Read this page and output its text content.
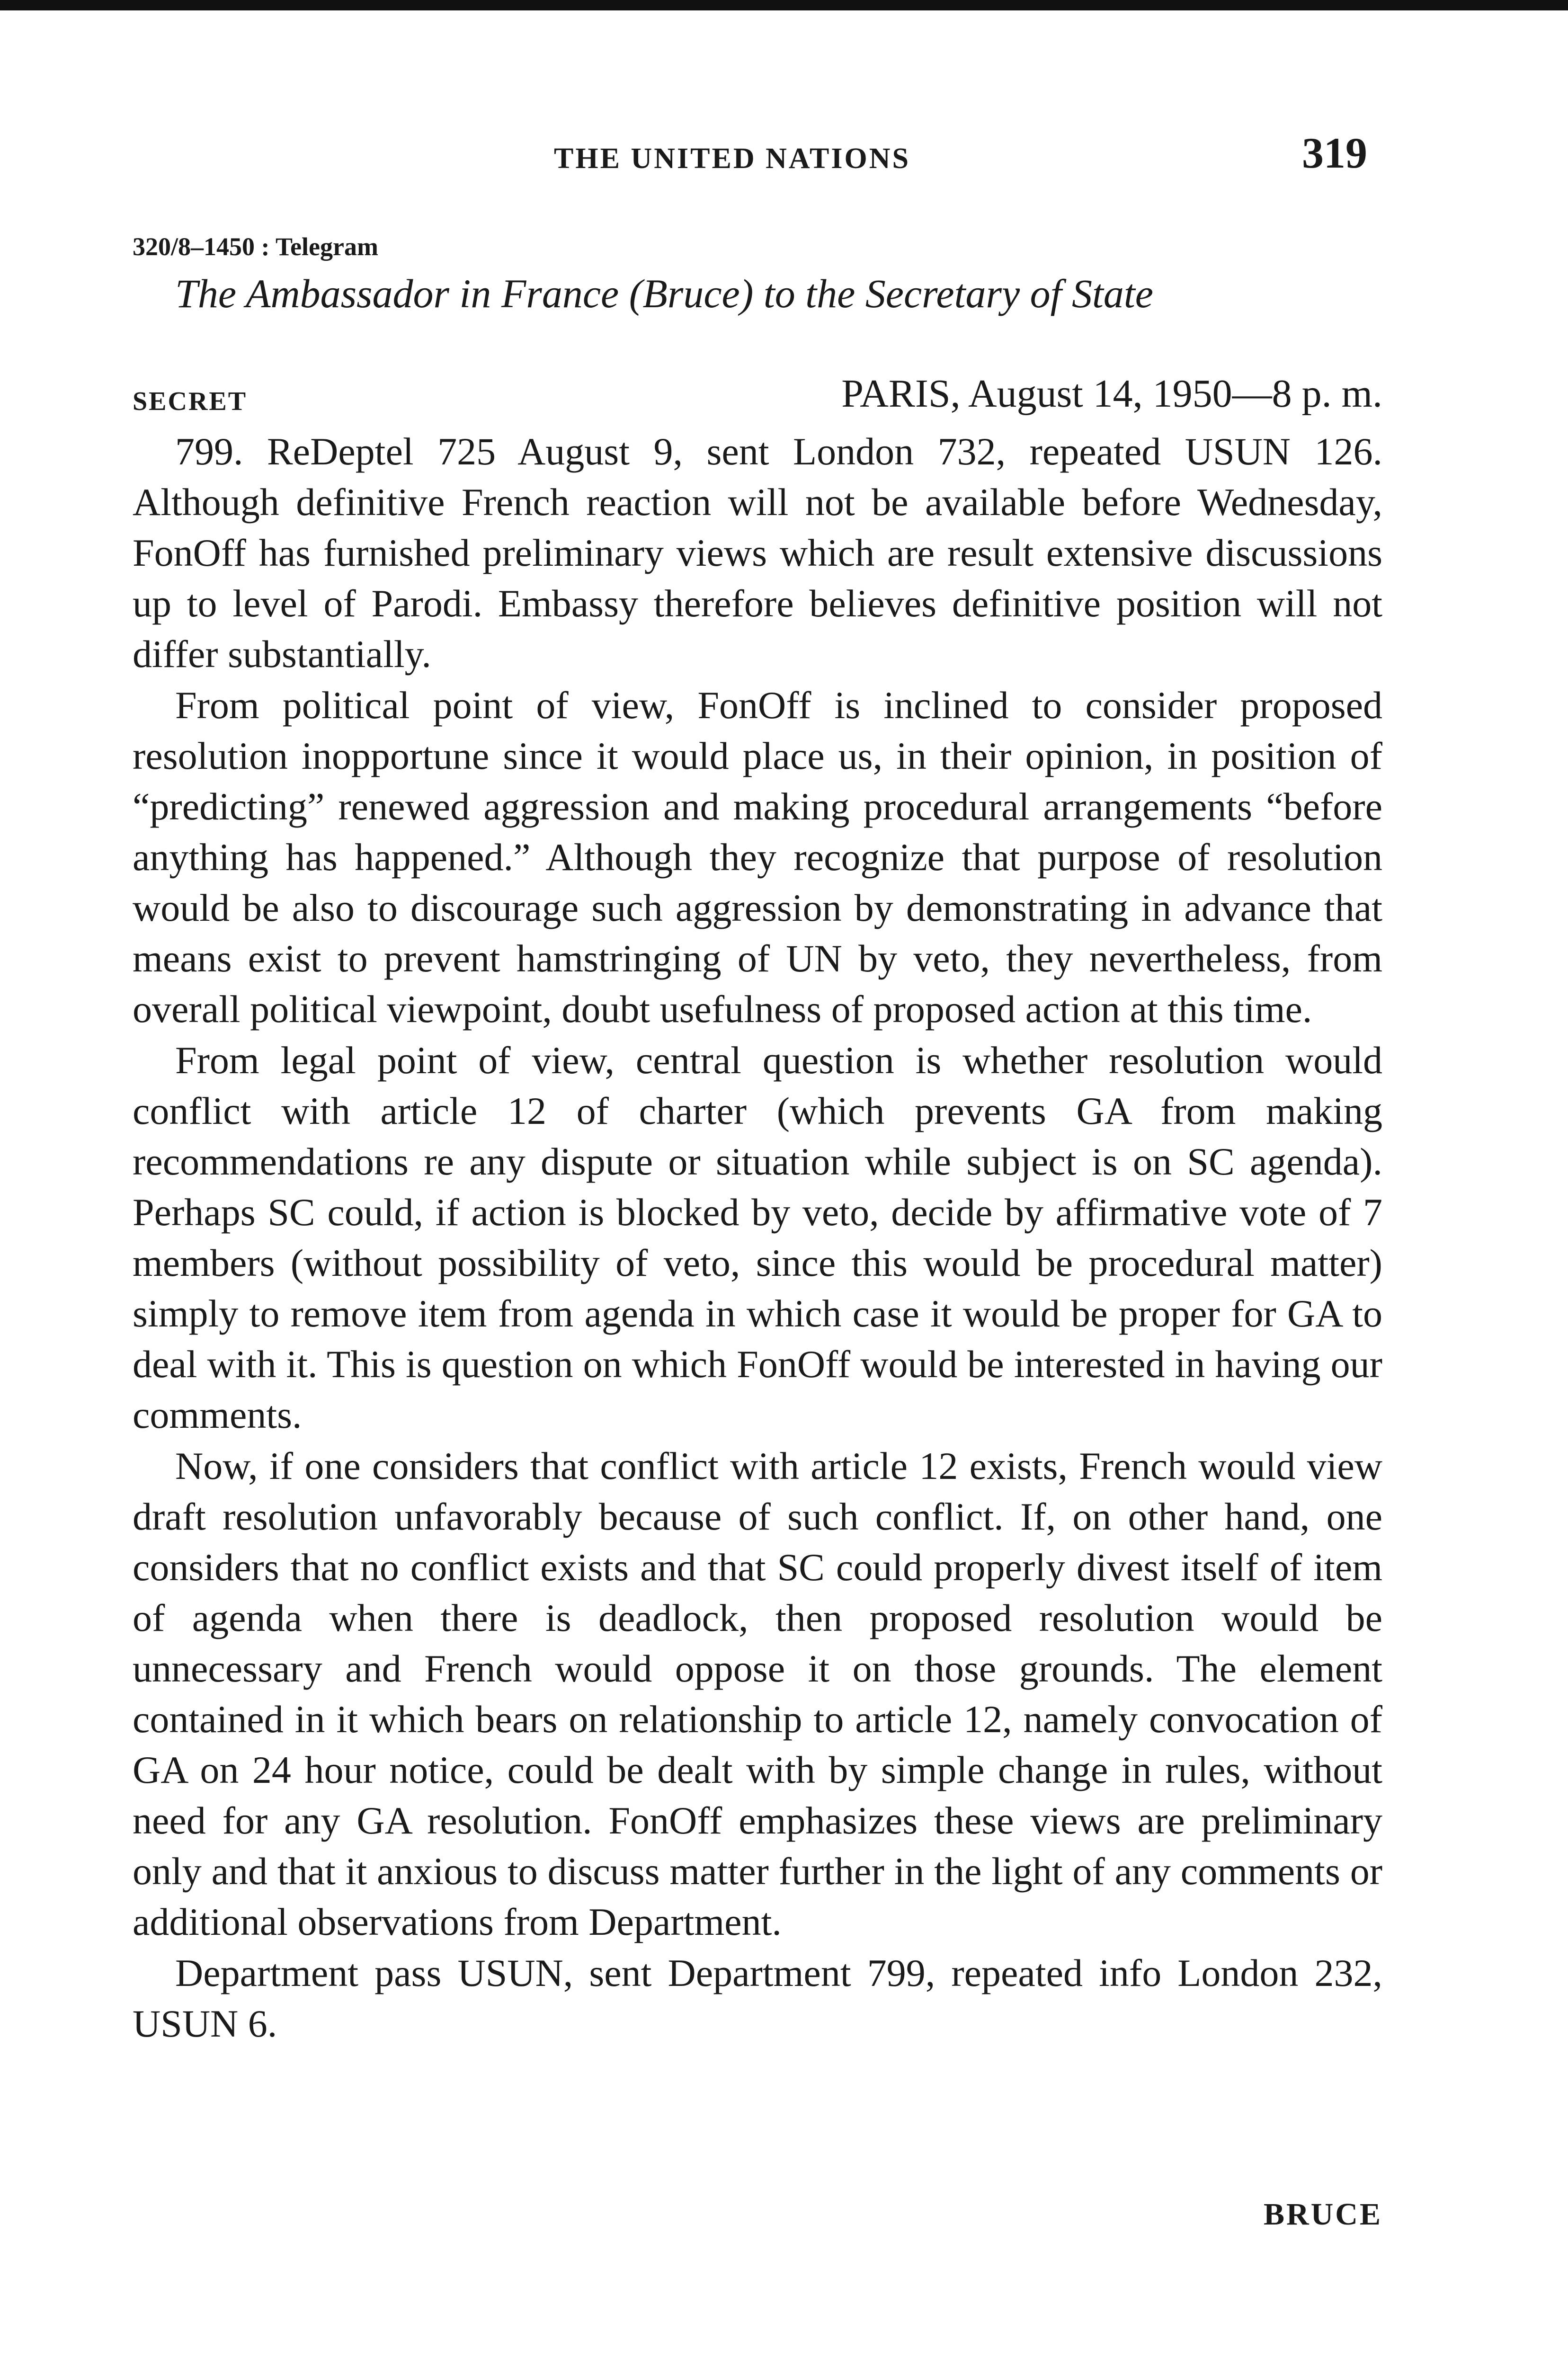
THE UNITED NATIONS	319
320/8–1450 : Telegram
The Ambassador in France (Bruce) to the Secretary of State
SECRET	PARIS, August 14, 1950—8 p. m.

799. ReDeptel 725 August 9, sent London 732, repeated USUN 126. Although definitive French reaction will not be available before Wednesday, FonOff has furnished preliminary views which are result extensive discussions up to level of Parodi. Embassy therefore believes definitive position will not differ substantially.

From political point of view, FonOff is inclined to consider proposed resolution inopportune since it would place us, in their opinion, in position of “predicting” renewed aggression and making procedural arrangements “before anything has happened.” Although they recognize that purpose of resolution would be also to discourage such aggression by demonstrating in advance that means exist to prevent hamstringing of UN by veto, they nevertheless, from overall political viewpoint, doubt usefulness of proposed action at this time.

From legal point of view, central question is whether resolution would conflict with article 12 of charter (which prevents GA from making recommendations re any dispute or situation while subject is on SC agenda). Perhaps SC could, if action is blocked by veto, decide by affirmative vote of 7 members (without possibility of veto, since this would be procedural matter) simply to remove item from agenda in which case it would be proper for GA to deal with it. This is question on which FonOff would be interested in having our comments.

Now, if one considers that conflict with article 12 exists, French would view draft resolution unfavorably because of such conflict. If, on other hand, one considers that no conflict exists and that SC could properly divest itself of item of agenda when there is deadlock, then proposed resolution would be unnecessary and French would oppose it on those grounds. The element contained in it which bears on relationship to article 12, namely convocation of GA on 24 hour notice, could be dealt with by simple change in rules, without need for any GA resolution. FonOff emphasizes these views are preliminary only and that it anxious to discuss matter further in the light of any comments or additional observations from Department.

Department pass USUN, sent Department 799, repeated info London 232, USUN 6.

BRUCE
